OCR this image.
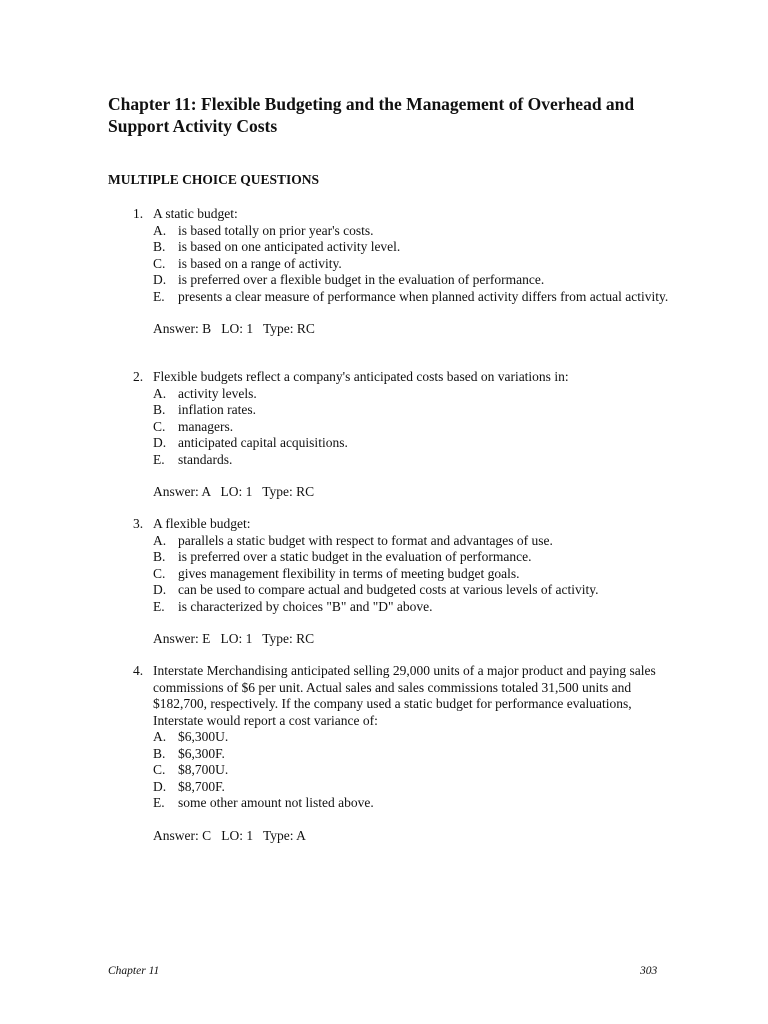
Chapter 11: Flexible Budgeting and the Management of Overhead and Support Activity Costs
MULTIPLE CHOICE QUESTIONS
1. A static budget:

A. is based totally on prior year's costs.
B. is based on one anticipated activity level.
C. is based on a range of activity.
D. is preferred over a flexible budget in the evaluation of performance.
E. presents a clear measure of performance when planned activity differs from actual activity.

Answer: B   LO: 1   Type: RC

2. Flexible budgets reflect a company's anticipated costs based on variations in:

A. activity levels.
B. inflation rates.
C. managers.
D. anticipated capital acquisitions.
E. standards.

Answer: A   LO: 1   Type: RC

3. A flexible budget:

A. parallels a static budget with respect to format and advantages of use.
B. is preferred over a static budget in the evaluation of performance.
C. gives management flexibility in terms of meeting budget goals.
D. can be used to compare actual and budgeted costs at various levels of activity.
E. is characterized by choices "B" and "D" above.

Answer: E   LO: 1   Type: RC

4. Interstate Merchandising anticipated selling 29,000 units of a major product and paying sales commissions of $6 per unit. Actual sales and sales commissions totaled 31,500 units and $182,700, respectively. If the company used a static budget for performance evaluations, Interstate would report a cost variance of:

A. $6,300U.
B. $6,300F.
C. $8,700U.
D. $8,700F.
E. some other amount not listed above.

Answer: C   LO: 1   Type: A

Chapter 11	303
